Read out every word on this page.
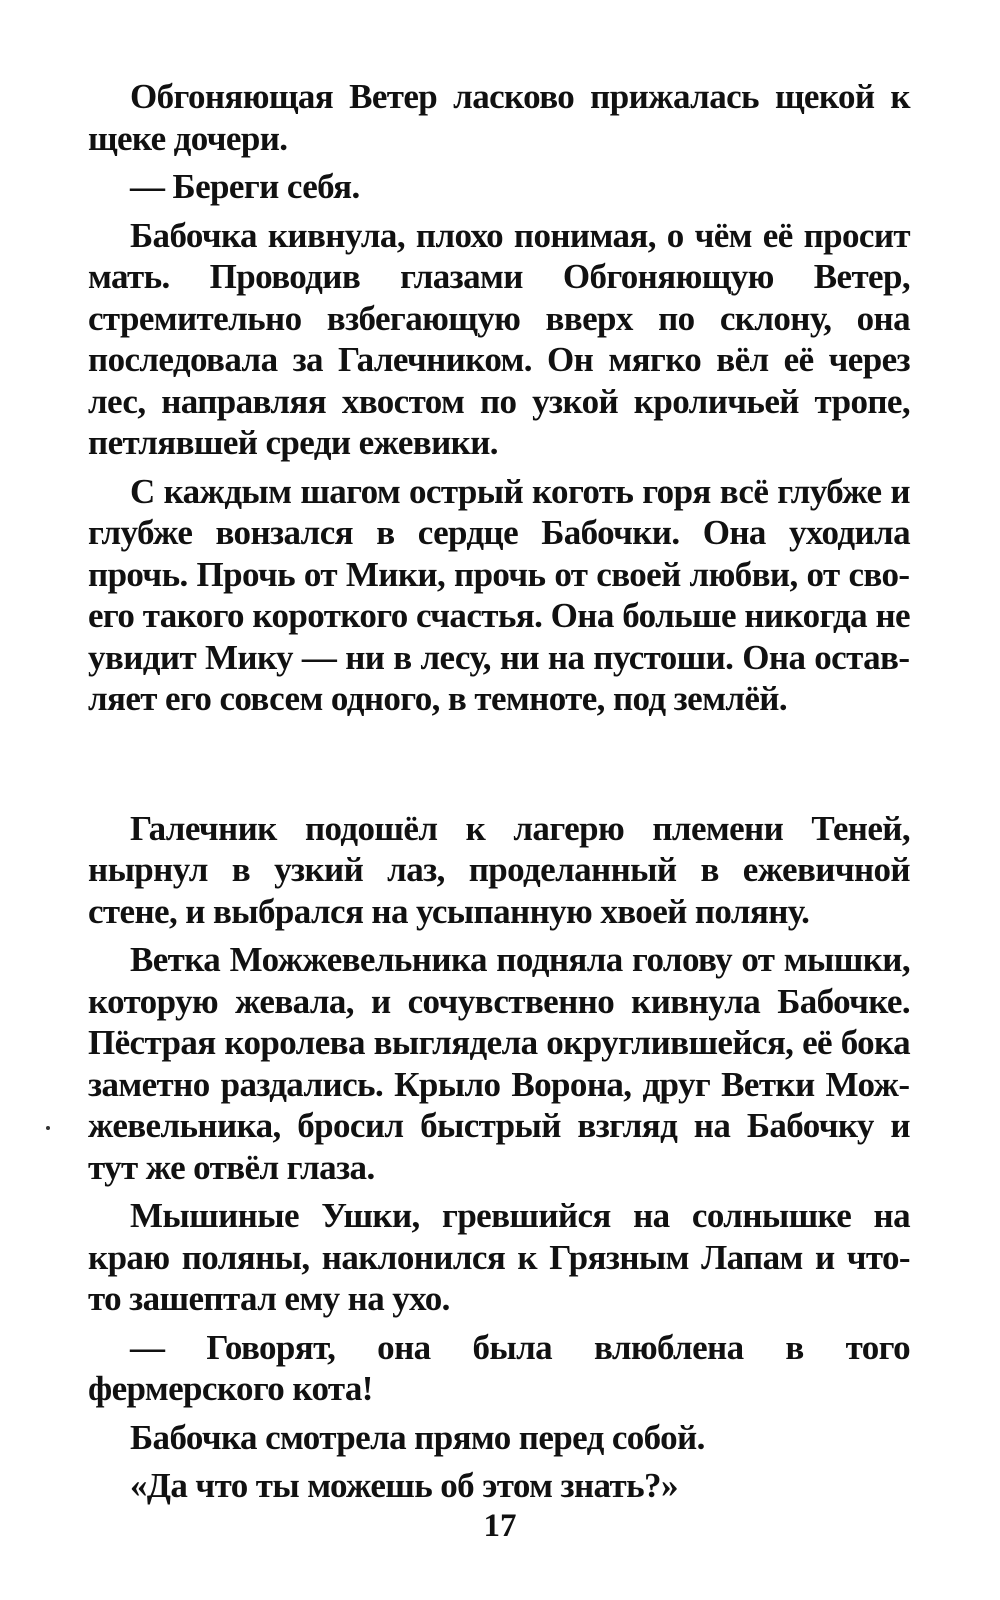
Обгоняющая Ветер ласково прижалась щекой к щеке дочери.

— Береги себя.

Бабочка кивнула, плохо понимая, о чём её просит мать. Проводив глазами Обгоняющую Ветер, стремительно взбегающую вверх по склону, она последовала за Галечником. Он мягко вёл её через лес, направляя хвостом по узкой кроличьей тропе, петлявшей среди ежевики.

С каждым шагом острый коготь горя всё глубже и глубже вонзался в сердце Бабочки. Она уходила прочь. Прочь от Мики, прочь от своей любви, от своего такого короткого счастья. Она больше никогда не увидит Мику — ни в лесу, ни на пустоши. Она оставляет его совсем одного, в темноте, под землёй.

Галечник подошёл к лагерю племени Теней, нырнул в узкий лаз, проделанный в ежевичной стене, и выбрался на усыпанную хвоей поляну.

Ветка Можжевельника подняла голову от мышки, которую жевала, и сочувственно кивнула Бабочке. Пёстрая королева выглядела округлившейся, её бока заметно раздались. Крыло Ворона, друг Ветки Можжевельника, бросил быстрый взгляд на Бабочку и тут же отвёл глаза.

Мышиные Ушки, гревшийся на солнышке на краю поляны, наклонился к Грязным Лапам и что-то зашептал ему на ухо.

— Говорят, она была влюблена в того фермерского кота!

Бабочка смотрела прямо перед собой.

«Да что ты можешь об этом знать?»

17
